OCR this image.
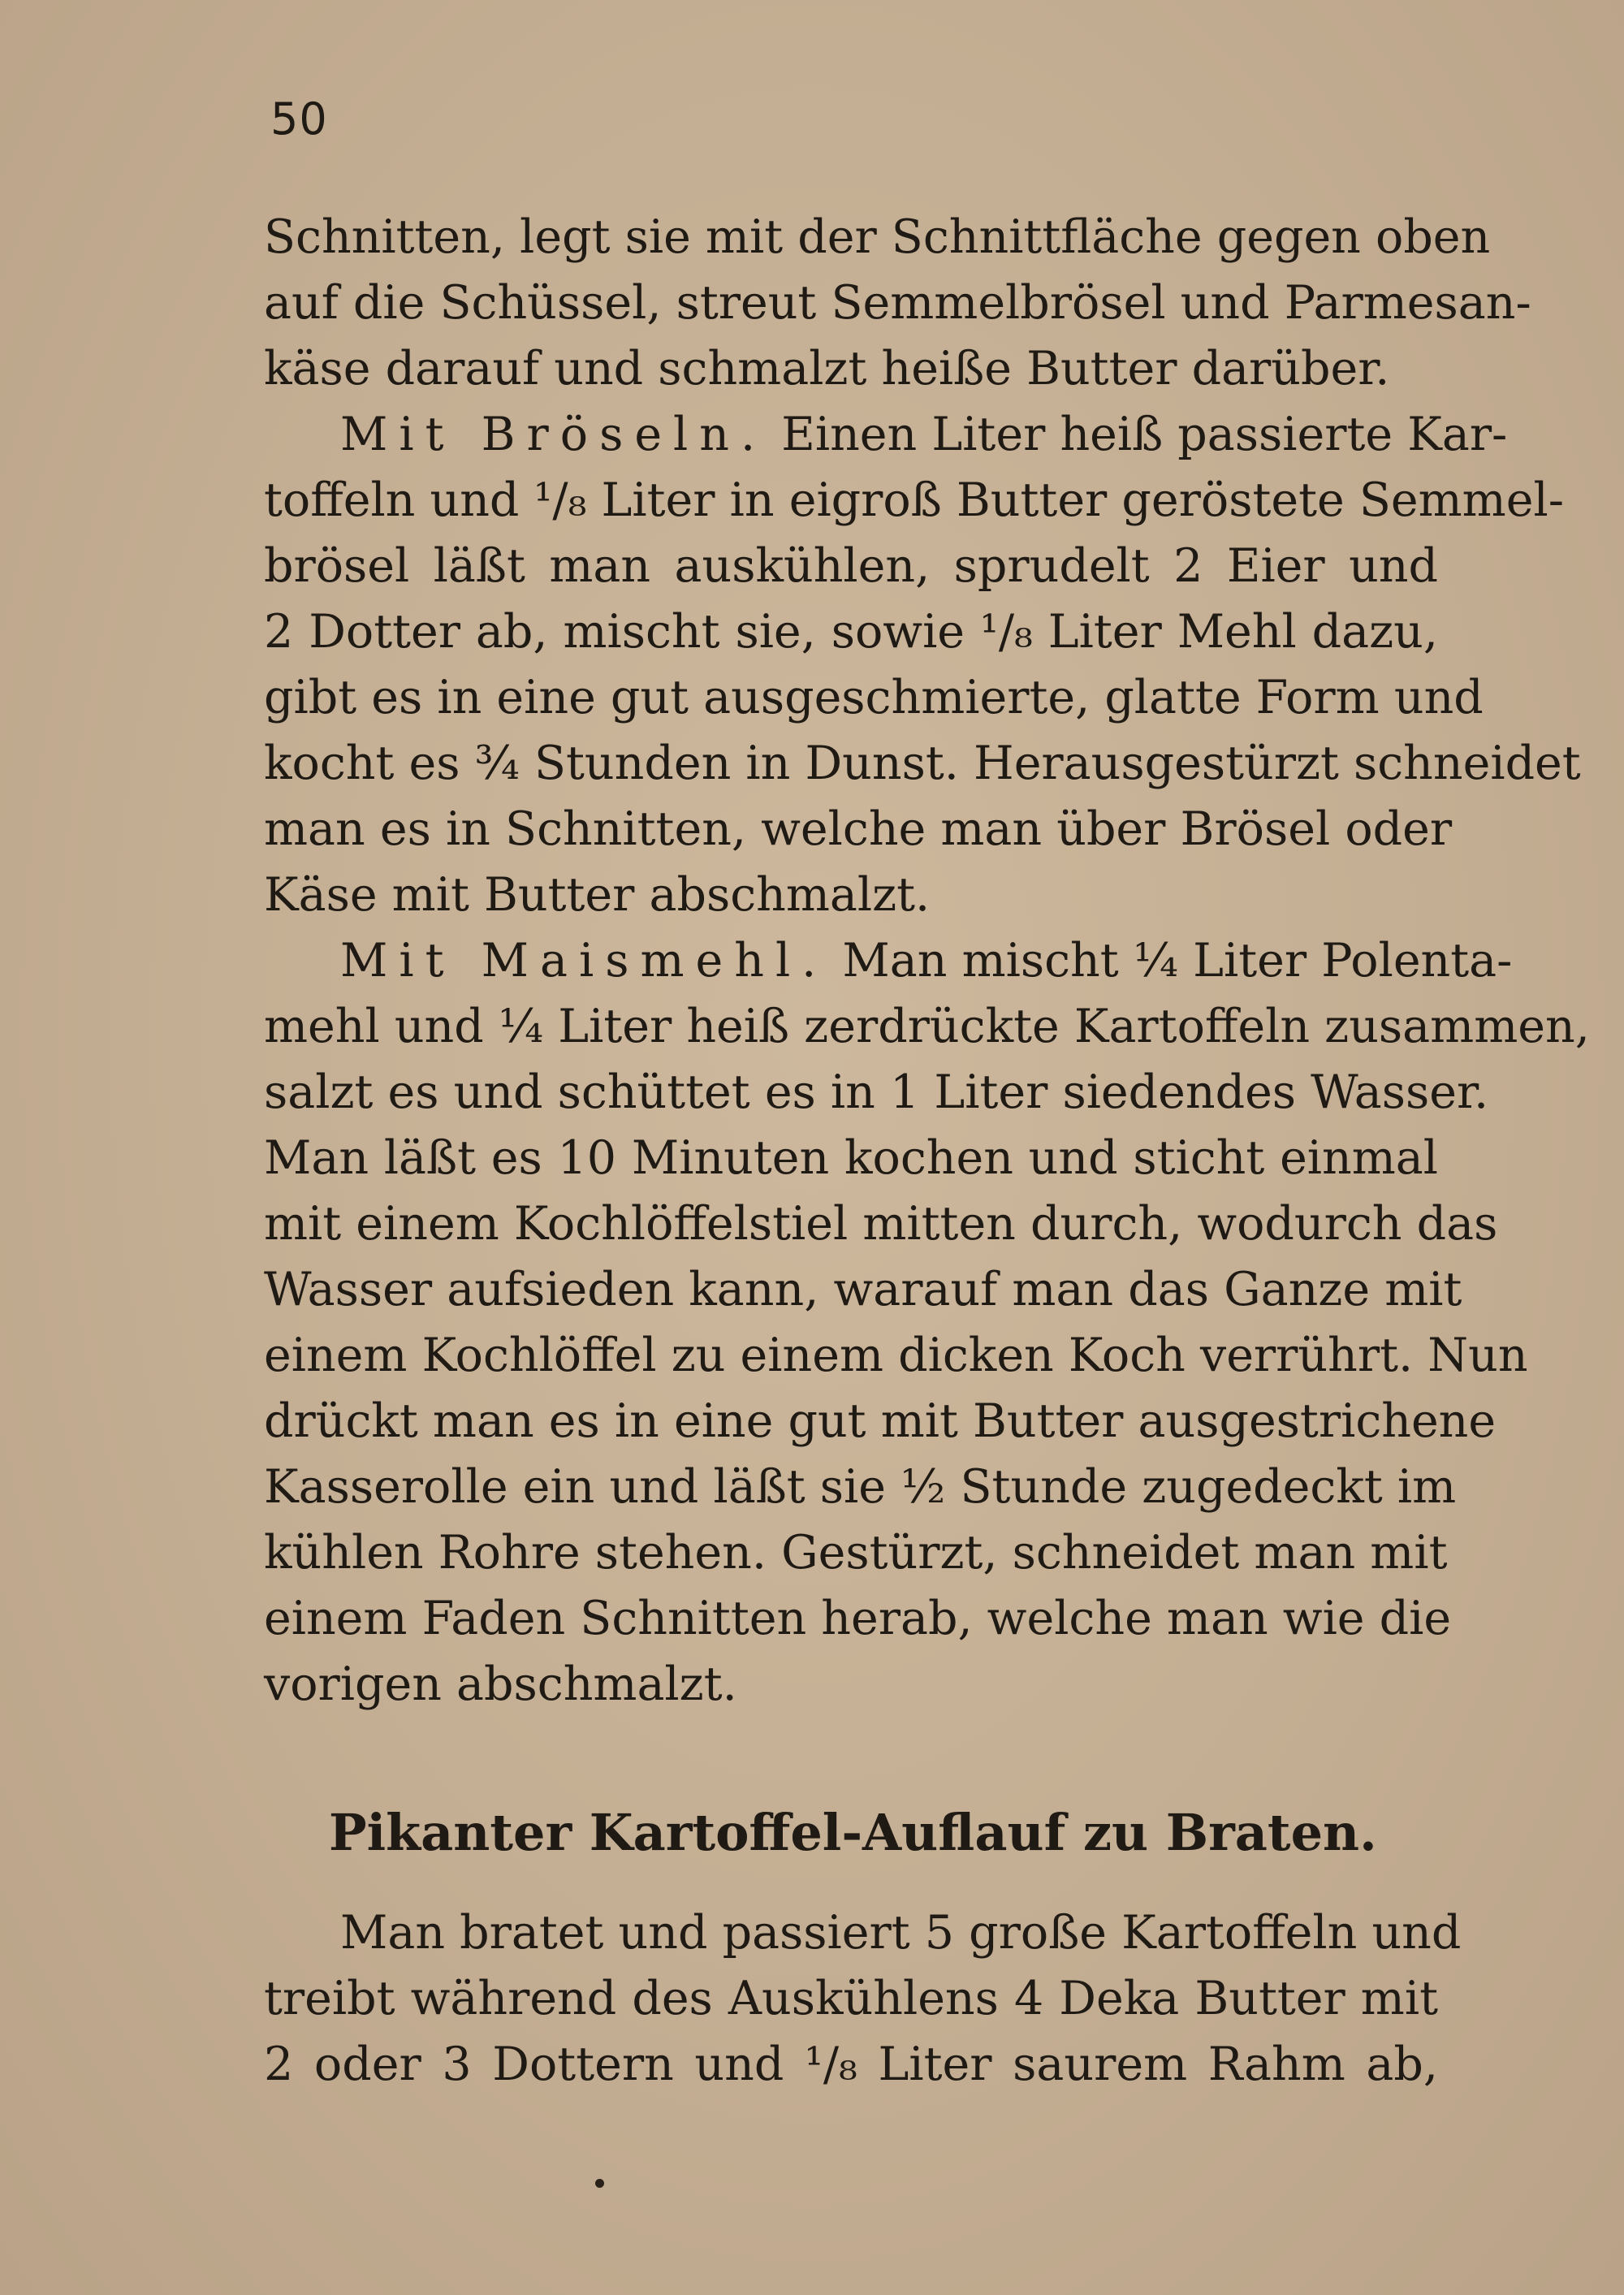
50
Schnitten, legt sie mit der Schnittfläche gegen oben
auf die Schüssel, streut Semmelbrösel und Parmesan-
käse darauf und schmalzt heiße Butter darüber.
Mit Bröseln. Einen Liter heiß passierte Kar-
toffeln und ¹/₈ Liter in eigroß Butter geröstete Semmel-
brösel läßt man auskühlen, sprudelt 2 Eier und
2 Dotter ab, mischt sie, sowie ¹/₈ Liter Mehl dazu,
gibt es in eine gut ausgeschmierte, glatte Form und
kocht es ¾ Stunden in Dunst. Herausgestürzt schneidet
man es in Schnitten, welche man über Brösel oder
Käse mit Butter abschmalzt.
Mit Maismehl. Man mischt ¼ Liter Polenta-
mehl und ¼ Liter heiß zerdrückte Kartoffeln zusammen,
salzt es und schüttet es in 1 Liter siedendes Wasser.
Man läßt es 10 Minuten kochen und sticht einmal
mit einem Kochlöffelstiel mitten durch, wodurch das
Wasser aufsieden kann, warauf man das Ganze mit
einem Kochlöffel zu einem dicken Koch verrührt. Nun
drückt man es in eine gut mit Butter ausgestrichene
Kasserolle ein und läßt sie ½ Stunde zugedeckt im
kühlen Rohre stehen. Gestürzt, schneidet man mit
einem Faden Schnitten herab, welche man wie die
vorigen abschmalzt.
Pikanter Kartoffel-Auflauf zu Braten.
Man bratet und passiert 5 große Kartoffeln und
treibt während des Auskühlens 4 Deka Butter mit
2 oder 3 Dottern und ¹/₈ Liter saurem Rahm ab,
